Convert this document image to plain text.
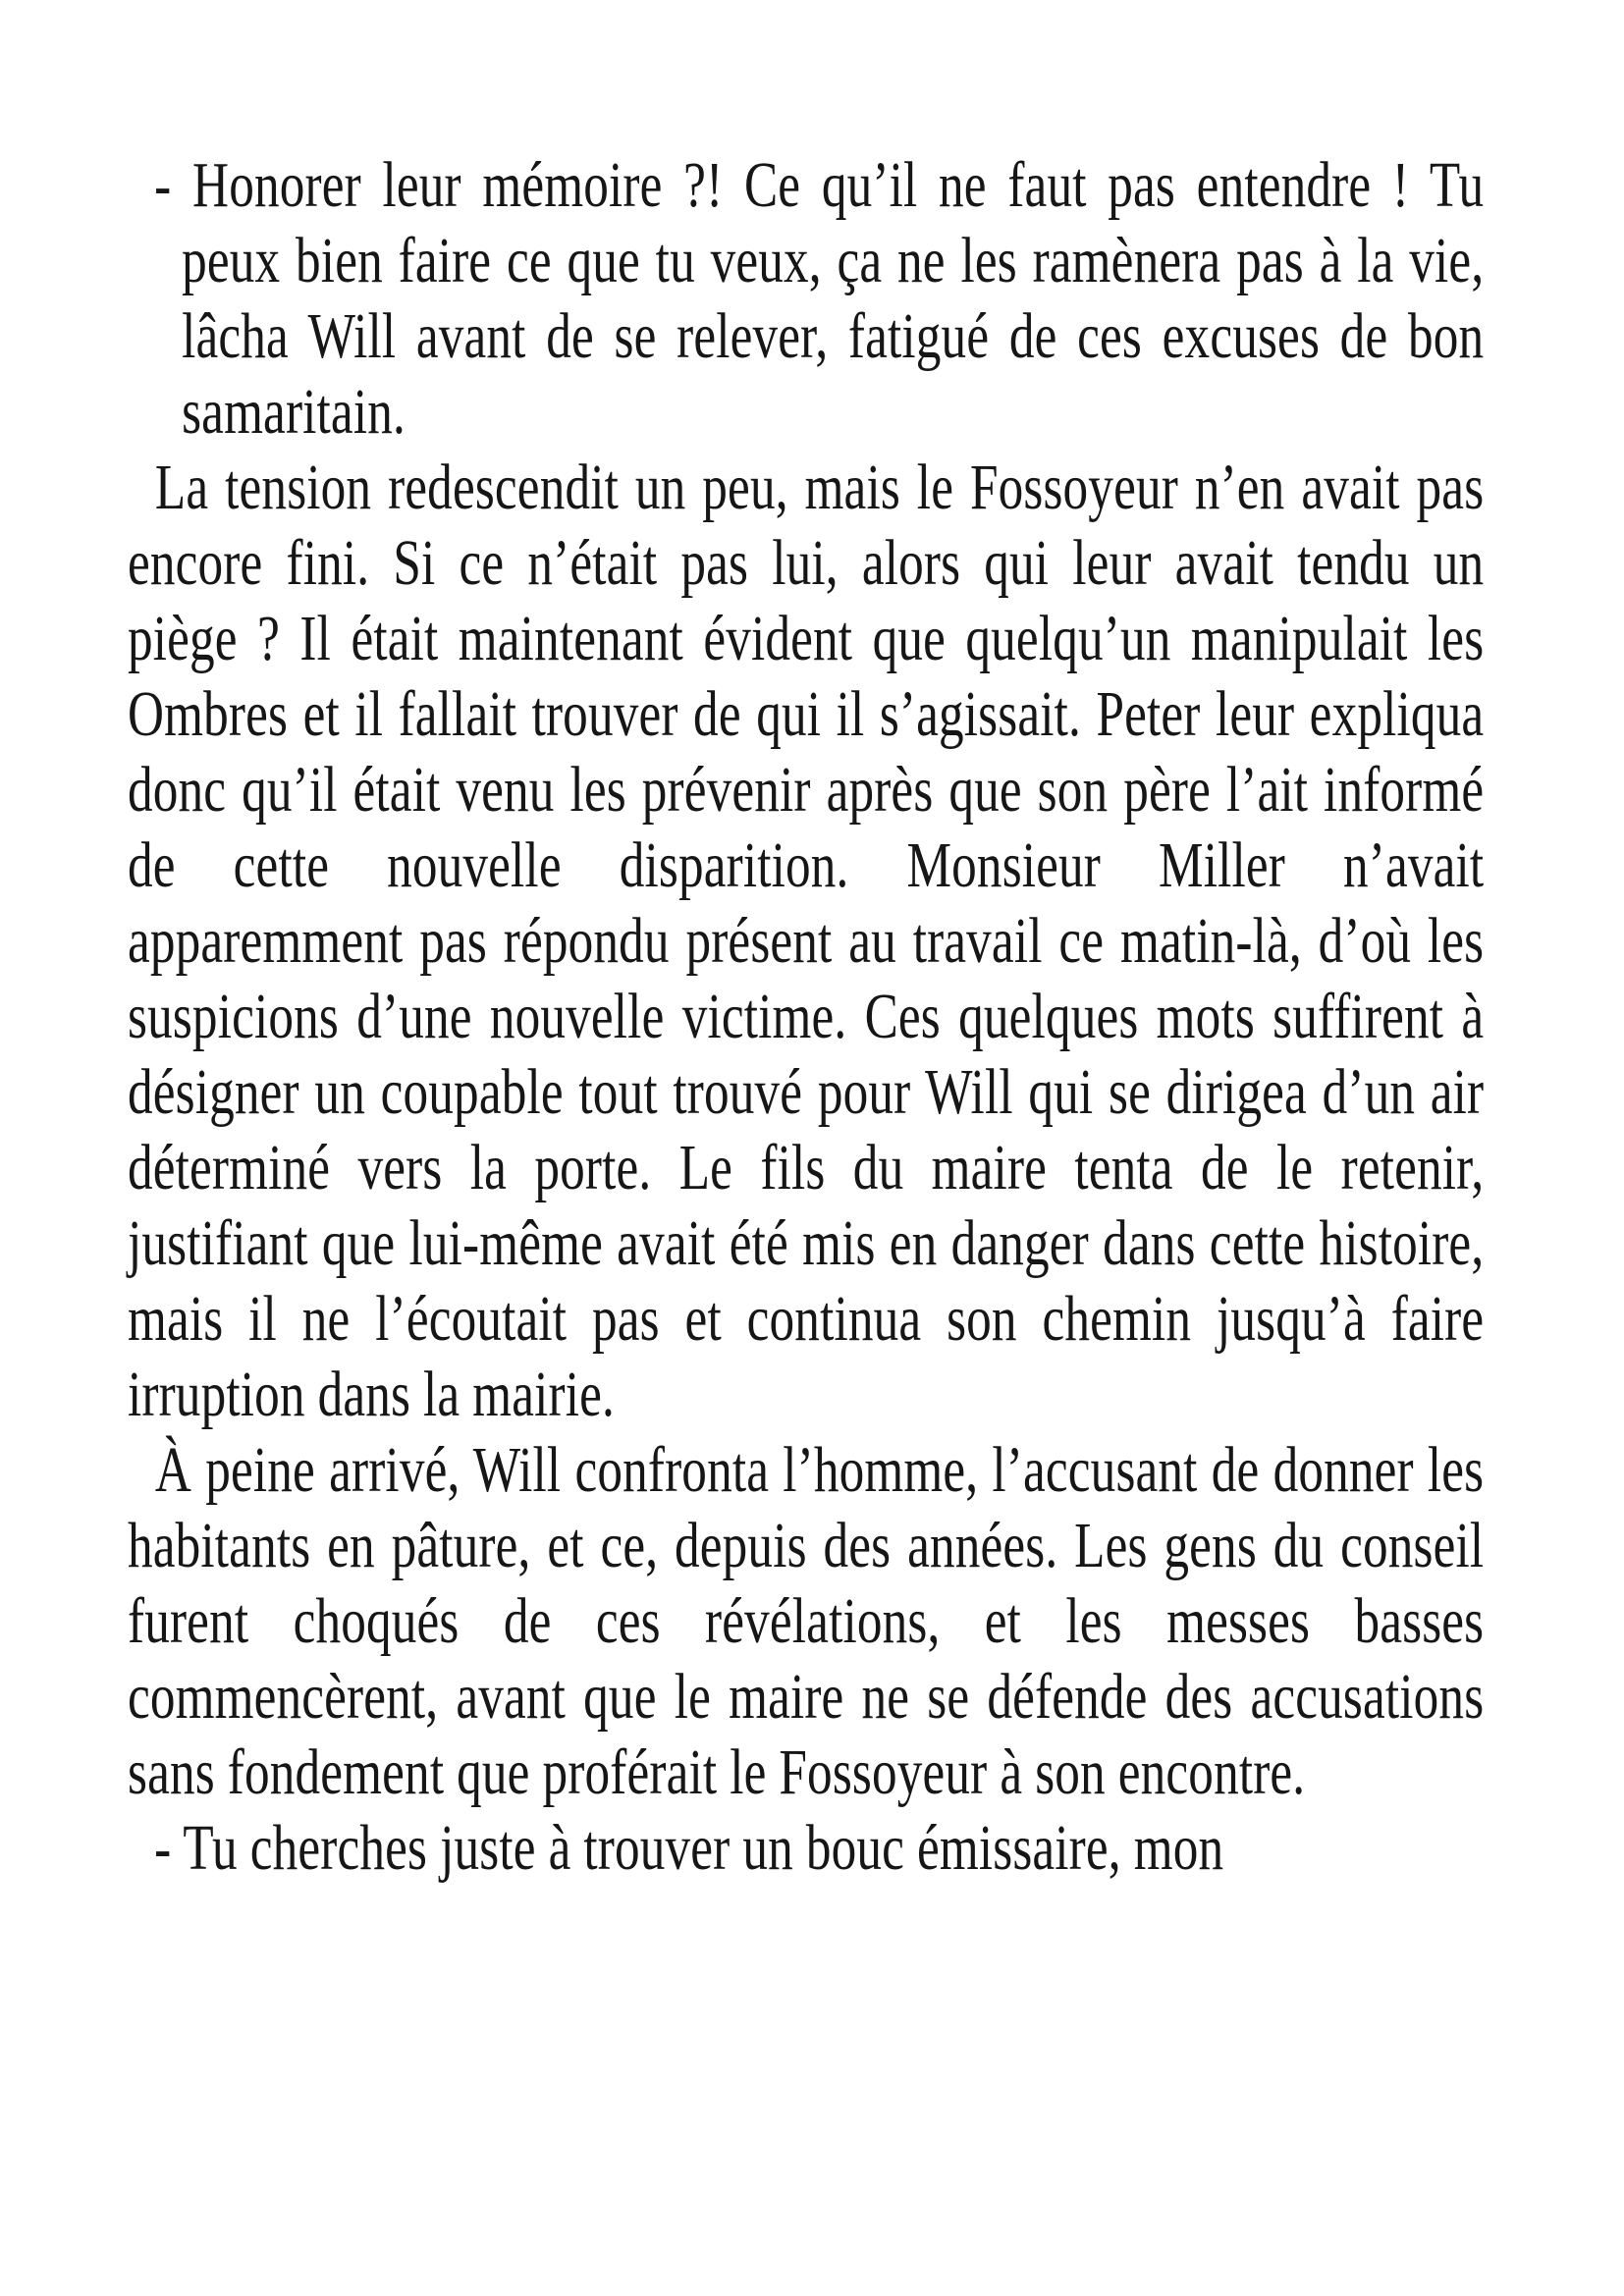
- Honorer leur mémoire ?! Ce qu’il ne faut pas entendre ! Tu peux bien faire ce que tu veux, ça ne les ramènera pas à la vie, lâcha Will avant de se relever, fatigué de ces excuses de bon samaritain.

La tension redescendit un peu, mais le Fossoyeur n’en avait pas encore fini. Si ce n’était pas lui, alors qui leur avait tendu un piège ? Il était maintenant évident que quelqu’un manipulait les Ombres et il fallait trouver de qui il s’agissait. Peter leur expliqua donc qu’il était venu les prévenir après que son père l’ait informé de cette nouvelle disparition. Monsieur Miller n’avait apparemment pas répondu présent au travail ce matin-là, d’où les suspicions d’une nouvelle victime. Ces quelques mots suffirent à désigner un coupable tout trouvé pour Will qui se dirigea d’un air déterminé vers la porte. Le fils du maire tenta de le retenir, justifiant que lui-même avait été mis en danger dans cette histoire, mais il ne l’écoutait pas et continua son chemin jusqu’à faire irruption dans la mairie.

À peine arrivé, Will confronta l’homme, l’accusant de donner les habitants en pâture, et ce, depuis des années. Les gens du conseil furent choqués de ces révélations, et les messes basses commencèrent, avant que le maire ne se défende des accusations sans fondement que proférait le Fossoyeur à son encontre.

- Tu cherches juste à trouver un bouc émissaire, mon
